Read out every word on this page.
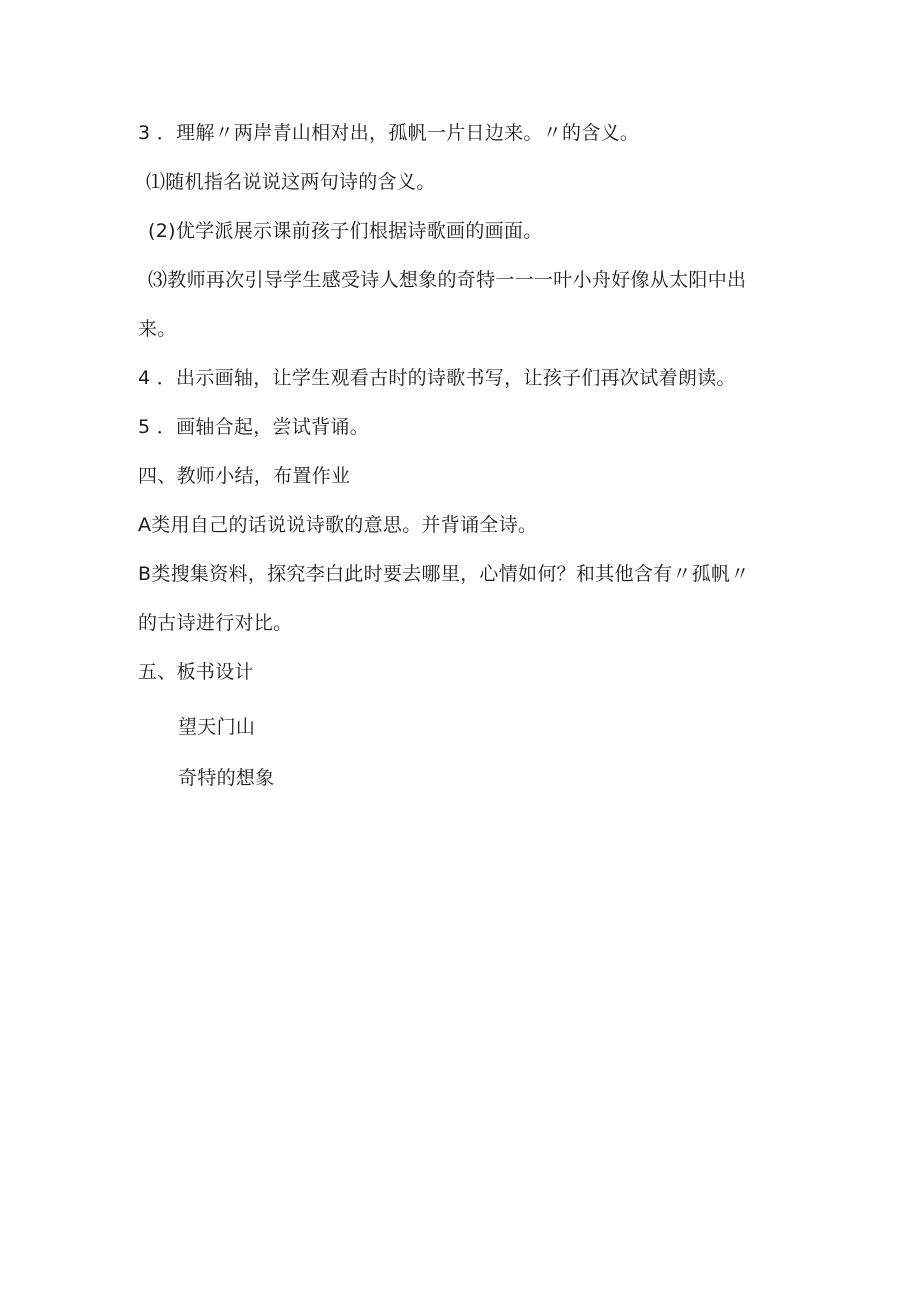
3 ．理解〃两岸青山相对出，孤帆一片日边来。〃的含义。
⑴随机指名说说这两句诗的含义。
(2)优学派展示课前孩子们根据诗歌画的画面。
⑶教师再次引导学生感受诗人想象的奇特一一一叶小舟好像从太阳中出
来。
4 ．出示画轴，让学生观看古时的诗歌书写，让孩子们再次试着朗读。
5 ．画轴合起，尝试背诵。
四、教师小结，布置作业
A类用自己的话说说诗歌的意思。并背诵全诗。
B类搜集资料，探究李白此时要去哪里，心情如何？和其他含有〃孤帆〃
的古诗进行对比。
五、板书设计
望天门山
奇特的想象
